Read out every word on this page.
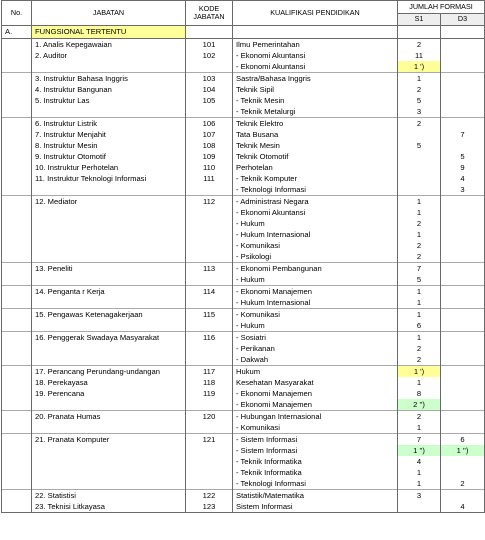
No.	JABATAN	KODE
JABATAN	KUALIFIKASI PENDIDIKAN	JUMLAH FORMASI	
				S1	D3
A.	FUNGSIONAL TERTENTU				
	1. Analis Kepegawaian	101	Ilmu Pemerintahan	2	
	2. Auditor	102	- Ekonomi Akuntansi	11	
			- Ekonomi Akuntansi	1 ')	
	3. Instruktur Bahasa Inggris	103	Sastra/Bahasa Inggris	1	
	4. Instruktur Bangunan	104	Teknik Sipil	2	
	5. Instruktur Las	105	- Teknik Mesin	5	
			- Teknik Metalurgi	3	
	6. Instruktur Listrik	106	Teknik Elektro	2	
	7. Instruktur Menjahit	107	Tata Busana		7
	8. Instruktur Mesin	108	Teknik Mesin	5	
	9. Instruktur Otomotif	109	Teknik Otomotif		5
	10. Instruktur Perhotelan	110	Perhotelan		9
	11. Instruktur Teknologi Informasi	111	- Teknik Komputer		4
			- Teknologi Informasi		3
	12. Mediator	112	- Administrasi Negara	1	
			- Ekonomi Akuntansi	1	
			- Hukum	2	
			- Hukum Internasional	1	
			- Komunikasi	2	
			- Psikologi	2	
	13. Peneliti	113	- Ekonomi Pembangunan	7	
			- Hukum	5	
	14. Penganta r Kerja	114	- Ekonomi Manajemen	1	
			- Hukum Internasional	1	
	15. Pengawas Ketenagakerjaan	115	- Komunikasi	1	
			- Hukum	6	
	16. Penggerak Swadaya Masyarakat	116	- Sosiatri	1	
			- Perikanan	2	
			- Dakwah	2	
	17. Perancang Perundang-undangan	117	Hukum	1 ')	
	18. Perekayasa	118	Kesehatan Masyarakat	1	
	19. Perencana	119	- Ekonomi Manajemen	8	
			- Ekonomi Manajemen	2 '')	
	20. Pranata Humas	120	- Hubungan Internasional	2	
			- Komunikasi	1	
	21. Pranata Komputer	121	- Sistem Informasi	7	6
			- Sistem Informasi	1 '')	1 '')
			- Teknik Informatika	4	
			- Teknik Informatika	1	
			- Teknologi Informasi	1	2
	22. Statistisi	122	Statistik/Matematika	3	
	23. Teknisi Litkayasa	123	Sistem Informasi		4
